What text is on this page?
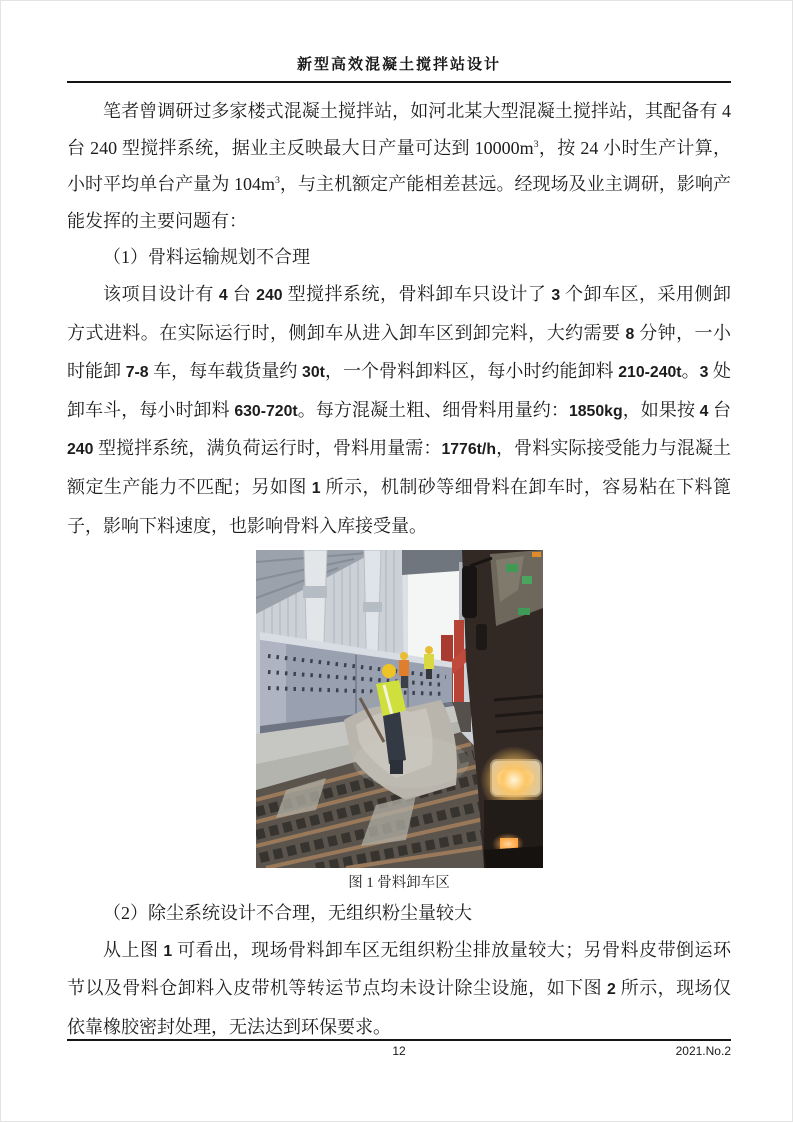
新型高效混凝土搅拌站设计

笔者曾调研过多家楼式混凝土搅拌站，如河北某大型混凝土搅拌站，其配备有 4 台 240 型搅拌系统，据业主反映最大日产量可达到 $10000m^3$，按 24 小时生产计算，小时平均单台产量为 $104m^3$，与主机额定产能相差甚远。经现场及业主调研，影响产能发挥的主要问题有：

（1）骨料运输规划不合理

该项目设计有 4 台 240 型搅拌系统，骨料卸车只设计了 3 个卸车区，采用侧卸方式进料。在实际运行时，侧卸车从进入卸车区到卸完料，大约需要 8 分钟，一小时能卸 7-8 车，每车载货量约 30t，一个骨料卸料区，每小时约能卸料 210-240t。3 处卸车斗，每小时卸料 630-720t。每方混凝土粗、细骨料用量约：1850kg，如果按 4 台 240 型搅拌系统，满负荷运行时，骨料用量需：1776t/h，骨料实际接受能力与混凝土额定生产能力不匹配；另如图 1 所示，机制砂等细骨料在卸车时，容易粘在下料篦子，影响下料速度，也影响骨料入库接受量。

图 1 骨料卸车区

（2）除尘系统设计不合理，无组织粉尘量较大

从上图 1 可看出，现场骨料卸车区无组织粉尘排放量较大；另骨料皮带倒运环节以及骨料仓卸料入皮带机等转运节点均未设计除尘设施，如下图 2 所示，现场仅依靠橡胶密封处理，无法达到环保要求。

12	2021.No.2
